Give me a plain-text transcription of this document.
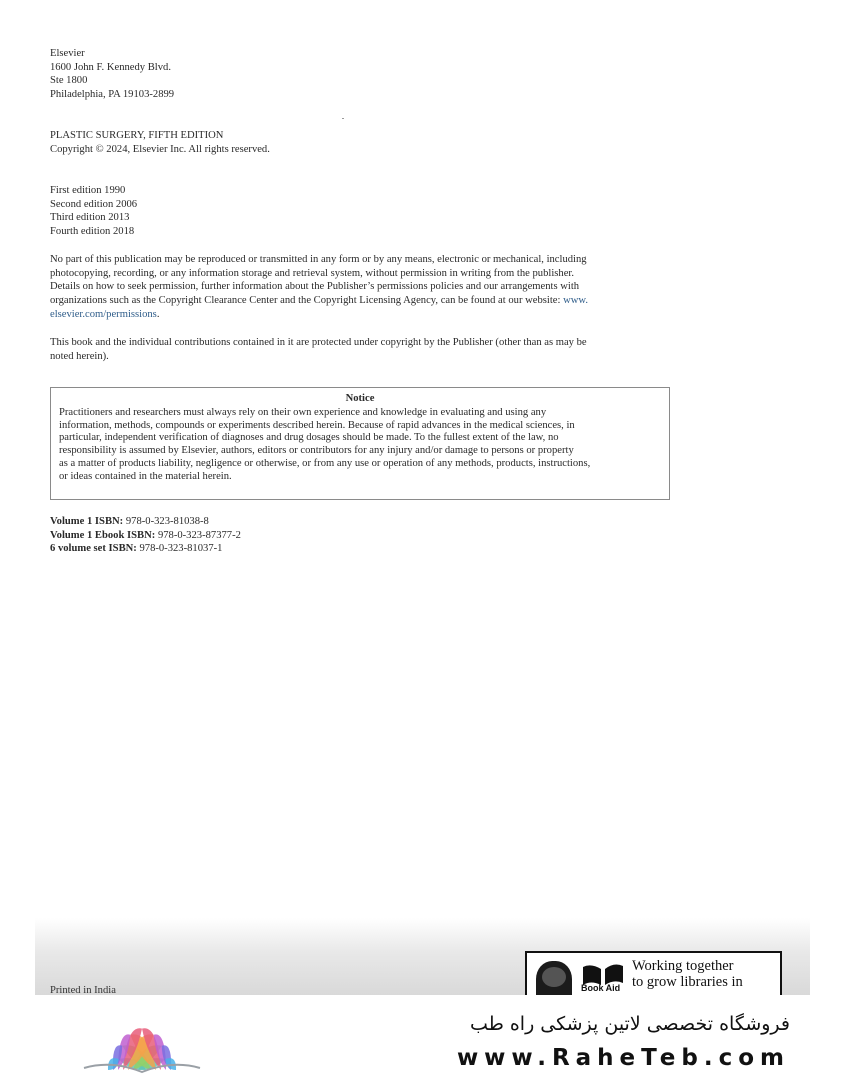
Elsevier
1600 John F. Kennedy Blvd.
Ste 1800
Philadelphia, PA 19103-2899
PLASTIC SURGERY, FIFTH EDITION
Copyright © 2024, Elsevier Inc. All rights reserved.
First edition 1990
Second edition 2006
Third edition 2013
Fourth edition 2018
No part of this publication may be reproduced or transmitted in any form or by any means, electronic or mechanical, including
photocopying, recording, or any information storage and retrieval system, without permission in writing from the publisher.
Details on how to seek permission, further information about the Publisher’s permissions policies and our arrangements with
organizations such as the Copyright Clearance Center and the Copyright Licensing Agency, can be found at our website: www.
elsevier.com/permissions.
This book and the individual contributions contained in it are protected under copyright by the Publisher (other than as may be
noted herein).
Notice
Practitioners and researchers must always rely on their own experience and knowledge in evaluating and using any
information, methods, compounds or experiments described herein. Because of rapid advances in the medical sciences, in
particular, independent verification of diagnoses and drug dosages should be made. To the fullest extent of the law, no
responsibility is assumed by Elsevier, authors, editors or contributors for any injury and/or damage to persons or property
as a matter of products liability, negligence or otherwise, or from any use or operation of any methods, products, instructions,
or ideas contained in the material herein.
Volume 1 ISBN: 978-0-323-81038-8
Volume 1 Ebook ISBN: 978-0-323-87377-2
6 volume set ISBN: 978-0-323-81037-1
Printed in India	Book Aid
Working together
to grow libraries in
فروشگاه تخصصی لاتین پزشکی راه طب
www.RaheTeb.com
